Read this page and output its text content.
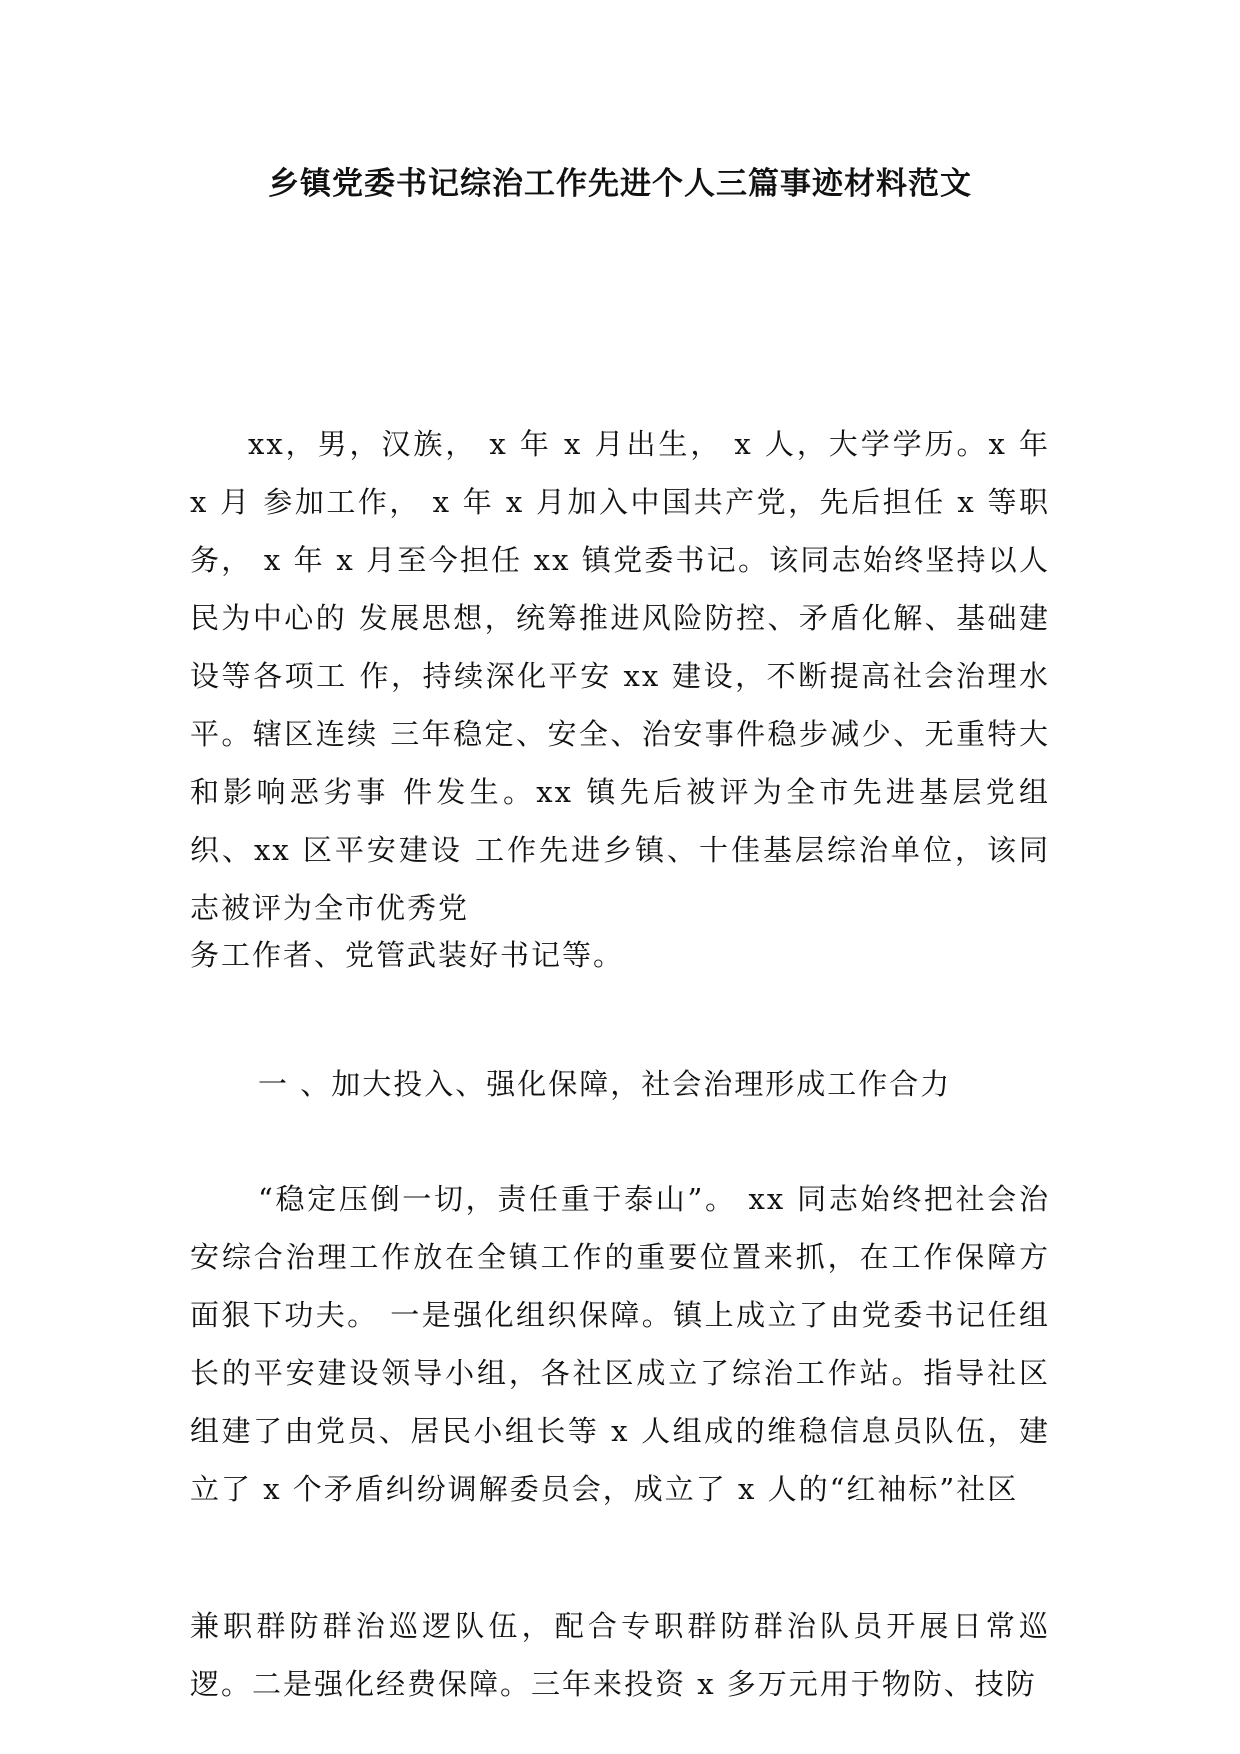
乡镇党委书记综治工作先进个人三篇事迹材料范文

xx，男，汉族， x 年 x 月出生， x 人，大学学历。x 年 x 月 参加工作， x 年 x 月加入中国共产党，先后担任 x 等职务， x 年 x 月至今担任 xx 镇党委书记。该同志始终坚持以人民为中心的 发展思想，统筹推进风险防控、矛盾化解、基础建设等各项工 作，持续深化平安 xx 建设，不断提高社会治理水平。辖区连续 三年稳定、安全、治安事件稳步减少、无重特大和影响恶劣事 件发生。xx 镇先后被评为全市先进基层党组织、xx 区平安建设 工作先进乡镇、十佳基层综治单位，该同志被评为全市优秀党

务工作者、党管武装好书记等。

一 、加大投入、强化保障，社会治理形成工作合力

“稳定压倒一切，责任重于泰山”。 xx 同志始终把社会治安综合治理工作放在全镇工作的重要位置来抓，在工作保障方面狠下功夫。 一是强化组织保障。镇上成立了由党委书记任组长的平安建设领导小组，各社区成立了综治工作站。指导社区组建了由党员、居民小组长等 x 人组成的维稳信息员队伍，建立了 x 个矛盾纠纷调解委员会，成立了 x 人的“红袖标”社区

兼职群防群治巡逻队伍，配合专职群防群治队员开展日常巡逻。二是强化经费保障。三年来投资 x 多万元用于物防、技防
